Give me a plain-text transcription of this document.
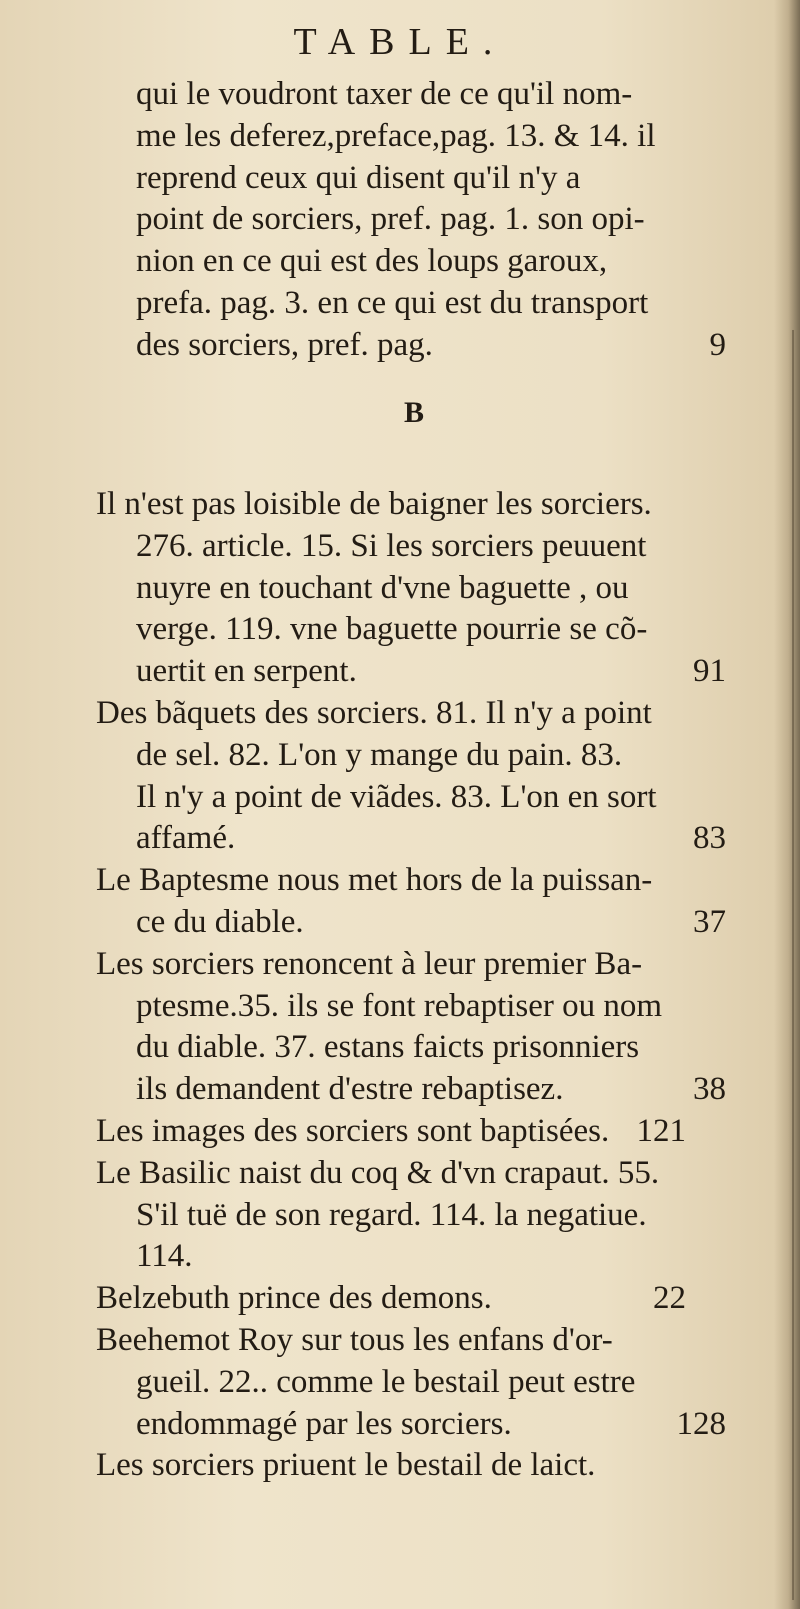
TABLE.
qui le voudront taxer de ce qu'il nom-
me les deferez,preface,pag. 13. & 14. il
reprend ceux qui disent qu'il n'y a
point de sorciers, pref. pag. 1. son opi-
nion en ce qui est des loups garoux,
prefa. pag. 3. en ce qui est du transport
des sorciers, pref. pag.	9
B
Il n'est pas loisible de baigner les sorciers.
276. article. 15. Si les sorciers peuuent
nuyre en touchant d'vne baguette , ou
verge. 119. vne baguette pourrie se cõ-
uertit en serpent.	91
Des bãquets des sorciers. 81. Il n'y a point
de sel. 82. L'on y mange du pain. 83.
Il n'y a point de viãdes. 83. L'on en sort
affamé.	83
Le Baptesme nous met hors de la puissan-
ce du diable.	37
Les sorciers renoncent à leur premier Ba-
ptesme.35. ils se font rebaptiser ou nom
du diable. 37. estans faicts prisonniers
ils demandent d'estre rebaptisez.	38
Les images des sorciers sont baptisées. 121
Le Basilic naist du coq & d'vn crapaut. 55.
S'il tuë de son regard. 114. la negatiue.
114.
Belzebuth prince des demons.	22
Beehemot Roy sur tous les enfans d'or-
gueil. 22.. comme le bestail peut estre
endommagé par les sorciers.	128
Les sorciers priuent le bestail de laict.
